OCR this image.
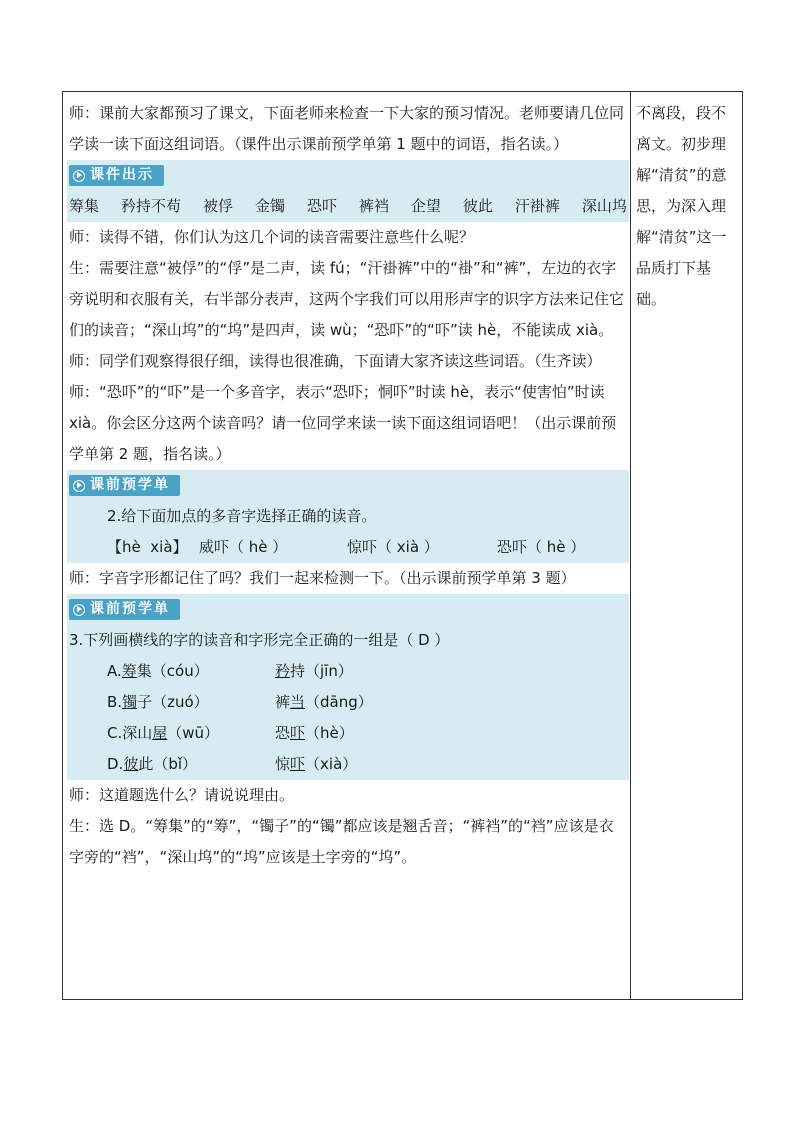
师：课前大家都预习了课文，下面老师来检查一下大家的预习情况。老师要请几位同学读一读下面这组词语。（课件出示课前预学单第 1 题中的词语，指名读。）

课件出示
筹集 矜持不苟 被俘 金镯 恐吓 裤裆 企望 彼此 汗褂裤 深山坞

师：读得不错，你们认为这几个词的读音需要注意些什么呢？

生：需要注意“被俘”的“俘”是二声，读 fú；“汗褂裤”中的“褂”和“裤”，左边的衣字旁说明和衣服有关，右半部分表声，这两个字我们可以用形声字的识字方法来记住它们的读音；“深山坞”的“坞”是四声，读 wù；“恐吓”的“吓”读 hè，不能读成 xià。

师：同学们观察得很仔细，读得也很准确，下面请大家齐读这些词语。（生齐读）

师：“恐吓”的“吓”是一个多音字，表示“恐吓；恫吓”时读 hè，表示“使害怕”时读 xià。你会区分这两个读音吗？请一位同学来读一读下面这组词语吧！（出示课前预学单第 2 题，指名读。）

课前预学单
2.给下面加点的多音字选择正确的读音。
【hè  xià】 威吓（ hè ）	惊吓（ xià ）	恐吓（ hè ）

师：字音字形都记住了吗？我们一起来检测一下。（出示课前预学单第 3 题）

课前预学单
3.下列画横线的字的读音和字形完全正确的一组是（ D ）
A.筹集（cóu）	矜持（jīn）
B.镯子（zuó）	裤当（dāng）
C.深山屋（wū）	恐吓（hè）
D.彼此（bǐ）	惊吓（xià）

师：这道题选什么？请说说理由。

生：选 D。“筹集”的“筹”，“镯子”的“镯”都应该是翘舌音；“裤裆”的“裆”应该是衣字旁的“裆”，“深山坞”的“坞”应该是土字旁的“坞”。

不离段，段不离文。初步理解“清贫”的意思，为深入理解“清贫”这一品质打下基础。
